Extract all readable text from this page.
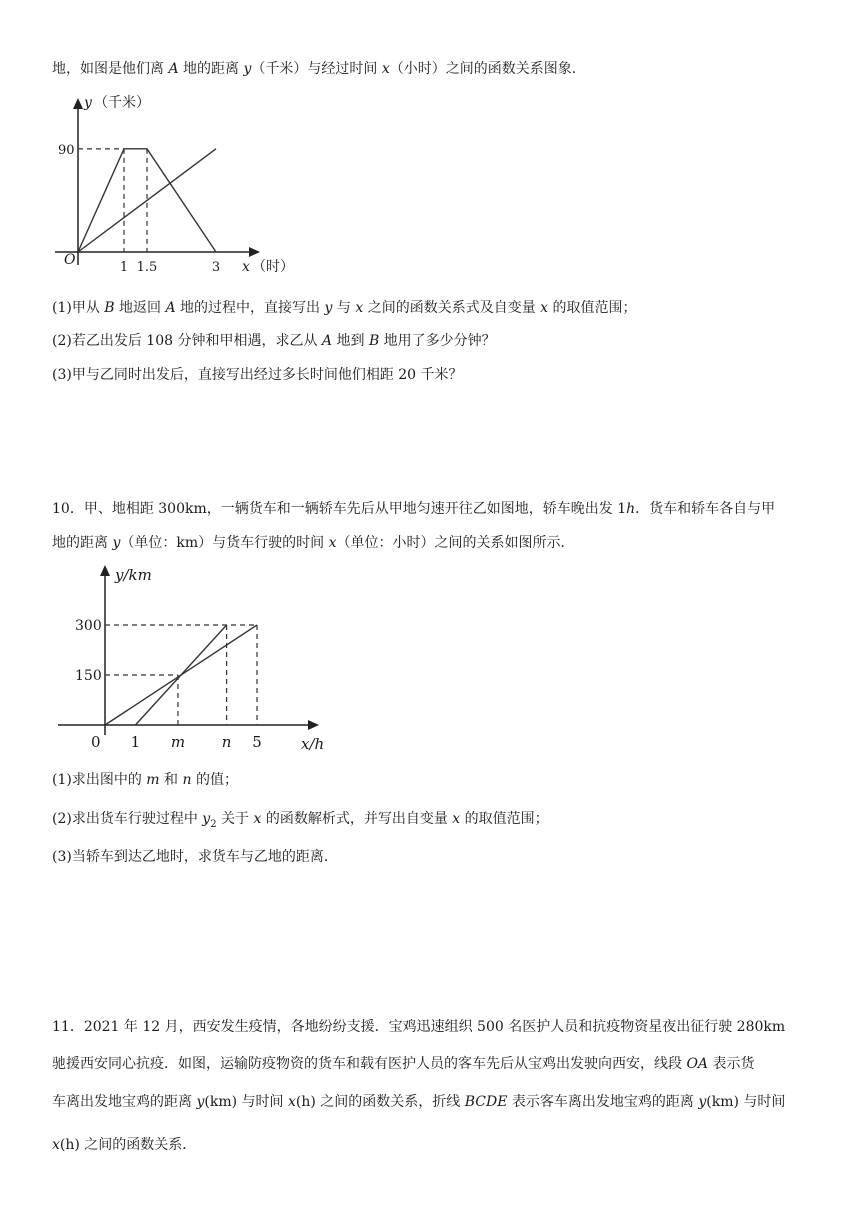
地，如图是他们离 A 地的距离 y（千米）与经过时间 x（小时）之间的函数关系图象．
90
1 1.5	3
O
y （千米）
x （时）
(1)甲从 B 地返回 A 地的过程中，直接写出 y 与 x 之间的函数关系式及自变量 x 的取值范围；
(2)若乙出发后 108 分钟和甲相遇，求乙从 A 地到 B 地用了多少分钟？
(3)甲与乙同时出发后，直接写出经过多长时间他们相距 20 千米？
10．甲、地相距 300km，一辆货车和一辆轿车先后从甲地匀速开往乙如图地，轿车晚出发 1h．货车和轿车各自与甲
地的距离 y（单位：km）与货车行驶的时间 x（单位：小时）之间的关系如图所示．
300
150
1 m n 5
0
y/km
x/h
(1)求出图中的 m 和 n 的值；
(2)求出货车行驶过程中 $y_2$ 关于 x 的函数解析式，并写出自变量 x 的取值范围；
(3)当轿车到达乙地时，求货车与乙地的距离．
11．2021 年 12 月，西安发生疫情，各地纷纷支援．宝鸡迅速组织 500 名医护人员和抗疫物资星夜出征行驶 280km
驰援西安同心抗疫．如图，运输防疫物资的货车和载有医护人员的客车先后从宝鸡出发驶向西安，线段 OA 表示货
车离出发地宝鸡的距离 y(km) 与时间 x(h) 之间的函数关系，折线 BCDE 表示客车离出发地宝鸡的距离 y(km) 与时间
x(h) 之间的函数关系．
